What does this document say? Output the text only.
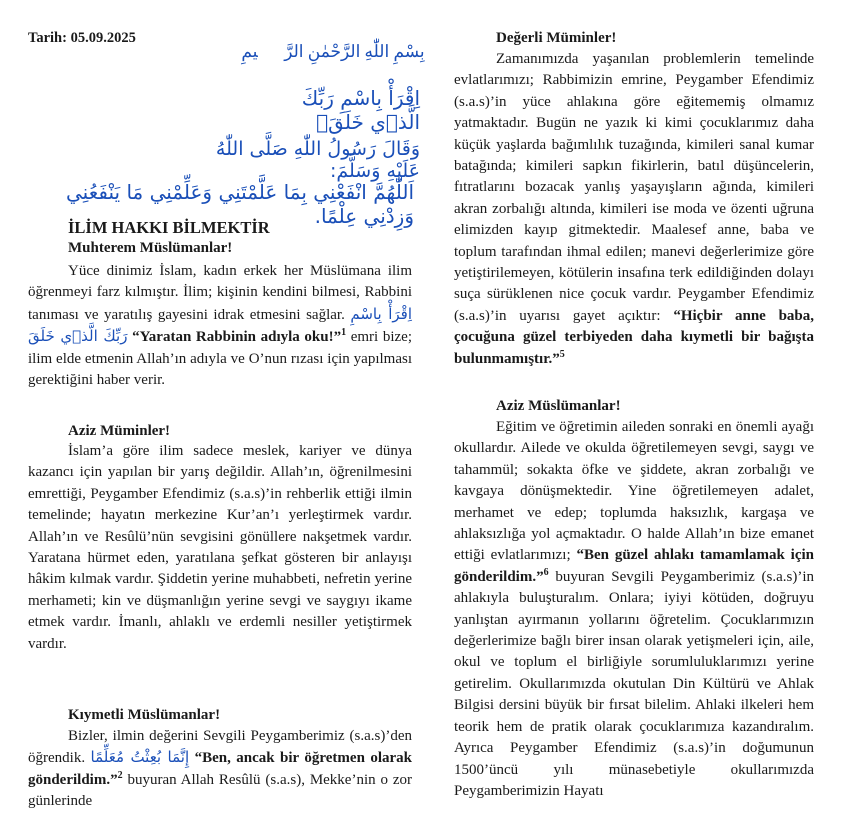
Tarih: 05.09.2025
بِسْمِ اللّٰهِ الرَّحْمٰنِ الرَّح۪يمِ
اِقْرَأْ بِاسْمِ رَبِّكَ الَّذ۪ي خَلَقَۚ
وَقَالَ رَسُولُ اللّٰهِ صَلَّى اللّٰهُ عَلَيْهِ وَسَلَّمَ:
اَللّٰهُمَّ انْفَعْنِي بِمَا عَلَّمْتَنِي وَعَلِّمْنِي مَا يَنْفَعُنِي وَزِدْنِي عِلْمًا.
İLİM HAKKI BİLMEKTİR
Muhterem Müslümanlar!
Yüce dinimiz İslam, kadın erkek her Müslümana ilim öğrenmeyi farz kılmıştır. İlim; kişinin kendini bilmesi, Rabbini tanıması ve yaratılış gayesini idrak etmesini sağlar. اِقْرَأْ بِاسْمِ رَبِّكَ الَّذ۪ي خَلَقَ “Yaratan Rabbinin adıyla oku!”$^1$ emri bize; ilim elde etmenin Allah’ın adıyla ve O’nun rızası için yapılması gerektiğini haber verir.
Aziz Müminler!
İslam’a göre ilim sadece meslek, kariyer ve dünya kazancı için yapılan bir yarış değildir. Allah’ın, öğrenilmesini emrettiği, Peygamber Efendimiz (s.a.s)’in rehberlik ettiği ilmin temelinde; hayatın merkezine Kur’an’ı yerleştirmek vardır. Allah’ın ve Resûlü’nün sevgisini gönüllere nakşetmek vardır. Yaratana hürmet eden, yaratılana şefkat gösteren bir anlayışı hâkim kılmak vardır. Şiddetin yerine muhabbeti, nefretin yerine merhameti; kin ve düşmanlığın yerine sevgi ve saygıyı ikame etmek vardır. İmanlı, ahlaklı ve erdemli nesiller yetiştirmek vardır.
Kıymetli Müslümanlar!
Bizler, ilmin değerini Sevgili Peygamberimiz (s.a.s)’den öğrendik. إِنَّمَا بُعِثْتُ مُعَلِّمًا “Ben, ancak bir öğretmen olarak gönderildim.”$^2$ buyuran Allah Resûlü (s.a.s), Mekke’nin o zor günlerinde
Değerli Müminler!
Zamanımızda yaşanılan problemlerin temelinde evlatlarımızı; Rabbimizin emrine, Peygamber Efendimiz (s.a.s)’in yüce ahlakına göre eğitememiş olmamız yatmaktadır. Bugün ne yazık ki kimi çocuklarımız daha küçük yaşlarda bağımlılık tuzağında, kimileri sanal kumar batağında; kimileri sapkın fikirlerin, batıl düşüncelerin, fıtratlarını bozacak yanlış yaşayışların ağında, kimileri akran zorbalığı altında, kimileri ise moda ve özenti uğruna elimizden kayıp gitmektedir. Maalesef anne, baba ve toplum tarafından ihmal edilen; manevi değerlerimize göre yetiştirilemeyen, kötülerin insafına terk edildiğinden dolayı suça sürüklenen nice çocuk vardır. Peygamber Efendimiz (s.a.s)’in uyarısı gayet açıktır: “Hiçbir anne baba, çocuğuna güzel terbiyeden daha kıymetli bir bağışta bulunmamıştır.”$^5$
Aziz Müslümanlar!
Eğitim ve öğretimin aileden sonraki en önemli ayağı okullardır. Ailede ve okulda öğretilemeyen sevgi, saygı ve tahammül; sokakta öfke ve şiddete, akran zorbalığı ve kavgaya dönüşmektedir. Yine öğretilemeyen adalet, merhamet ve edep; toplumda haksızlık, kargaşa ve ahlaksızlığa yol açmaktadır. O halde Allah’ın bize emanet ettiği evlatlarımızı; “Ben güzel ahlakı tamamlamak için gönderildim.”$^6$ buyuran Sevgili Peygamberimiz (s.a.s)’in ahlakıyla buluşturalım. Onlara; iyiyi kötüden, doğruyu yanlıştan ayırmanın yollarını öğretelim. Çocuklarımızın değerlerimize bağlı birer insan olarak yetişmeleri için, aile, okul ve toplum el birliğiyle sorumluluklarımızı yerine getirelim. Okullarımızda okutulan Din Kültürü ve Ahlak Bilgisi dersini büyük bir fırsat bilelim. Ahlaki ilkeleri hem teorik hem de pratik olarak çocuklarımıza kazandıralım. Ayrıca Peygamber Efendimiz (s.a.s)’in doğumunun 1500’üncü yılı münasebetiyle okullarımızda Peygamberimizin Hayatı
